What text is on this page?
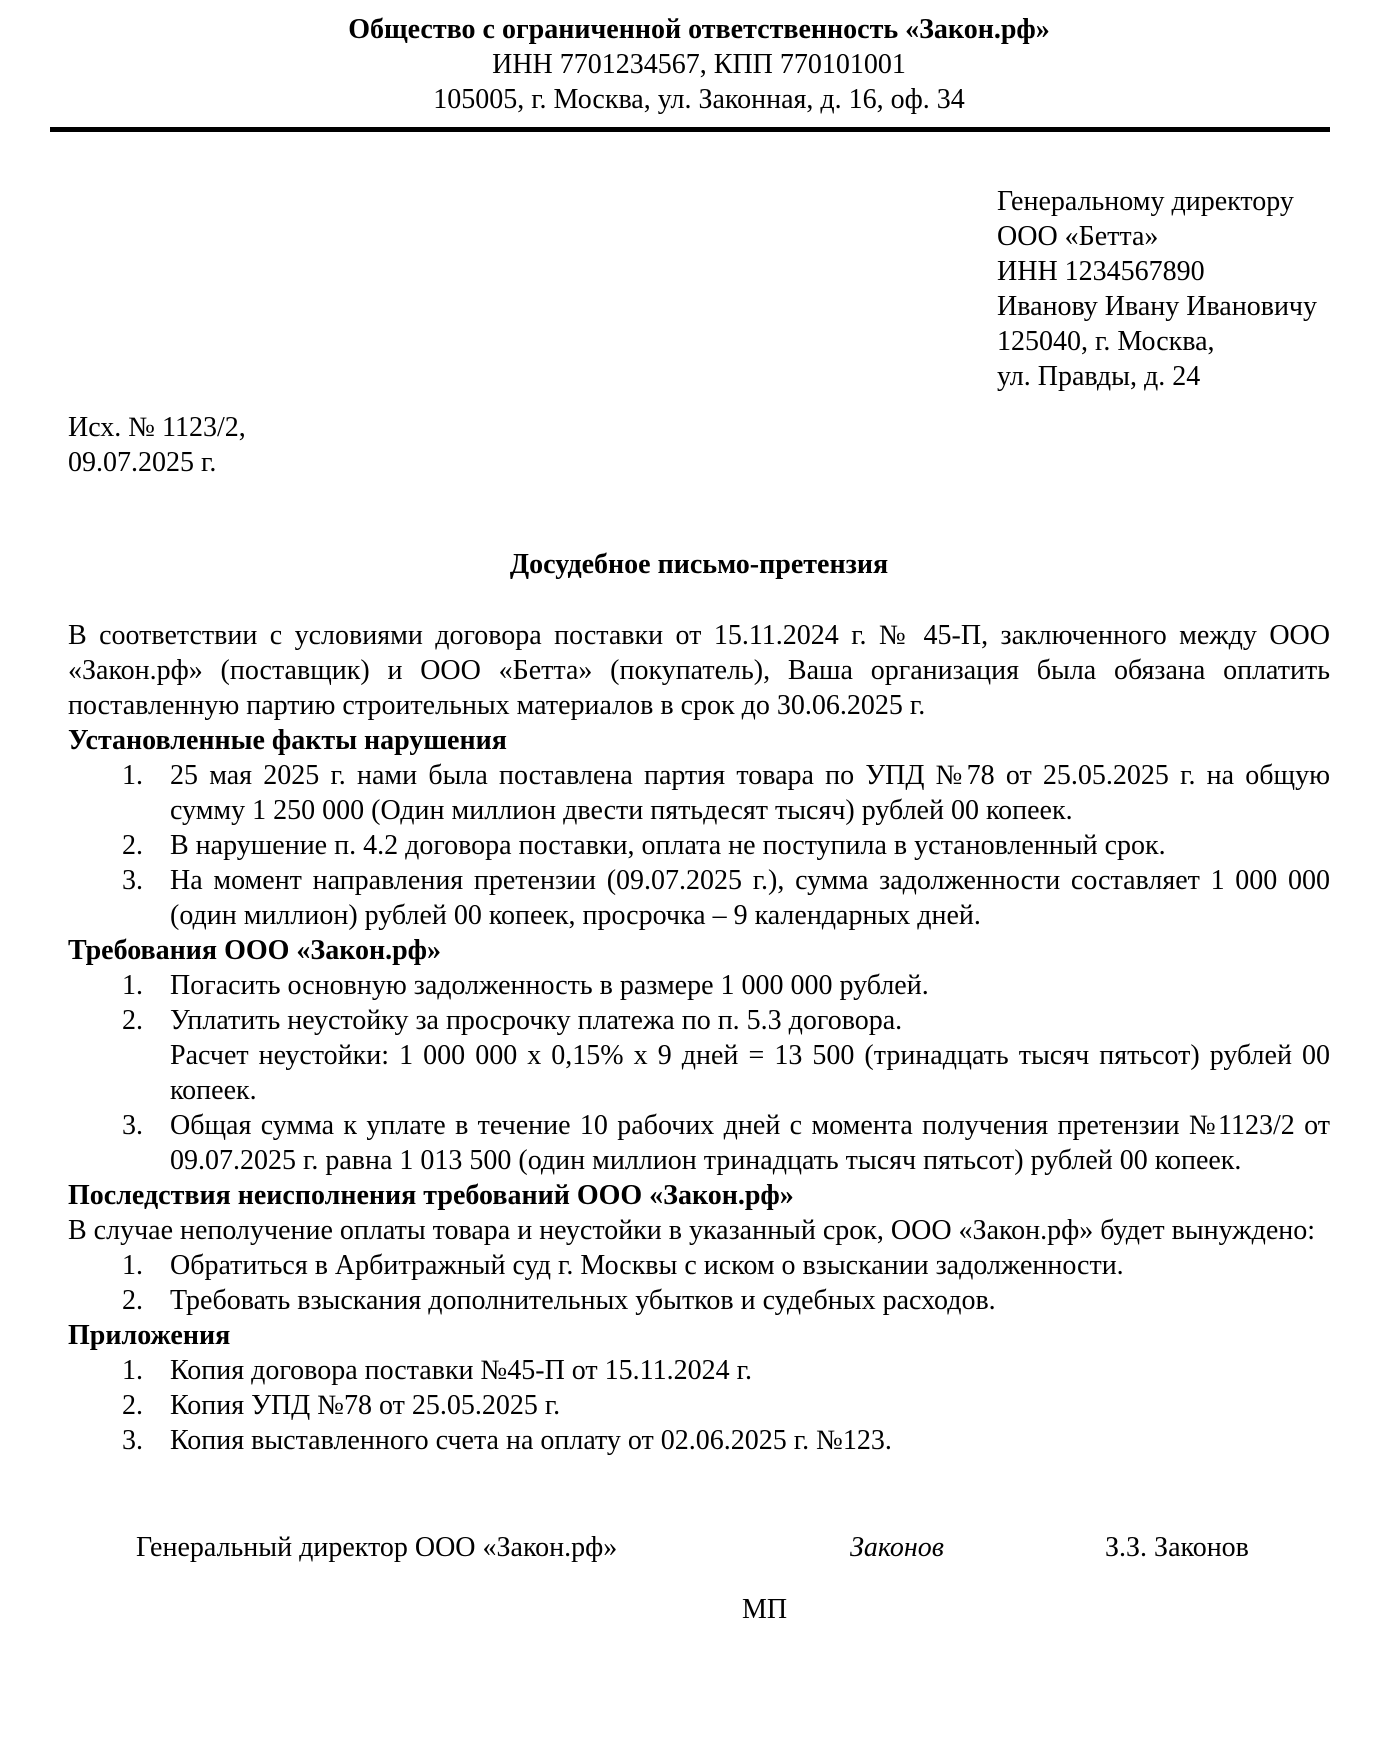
Общество с ограниченной ответственность «Закон.рф»
ИНН 7701234567, КПП 770101001
105005, г. Москва, ул. Законная, д. 16, оф. 34
Генеральному директору
ООО «Бетта»
ИНН 1234567890
Иванову Ивану Ивановичу
125040, г. Москва,
ул. Правды, д. 24
Исх. № 1123/2,
09.07.2025 г.
Досудебное письмо-претензия

В соответствии с условиями договора поставки от 15.11.2024 г. № 45-П, заключенного между ООО «Закон.рф» (поставщик) и ООО «Бетта» (покупатель), Ваша организация была обязана оплатить поставленную партию строительных материалов в срок до 30.06.2025 г.

Установленные факты нарушения
1. 25 мая 2025 г. нами была поставлена партия товара по УПД №78 от 25.05.2025 г. на общую сумму 1 250 000 (Один миллион двести пятьдесят тысяч) рублей 00 копеек.
2. В нарушение п. 4.2 договора поставки, оплата не поступила в установленный срок.
3. На момент направления претензии (09.07.2025 г.), сумма задолженности составляет 1 000 000 (один миллион) рублей 00 копеек, просрочка – 9 календарных дней.
Требования ООО «Закон.рф»
1. Погасить основную задолженность в размере 1 000 000 рублей.
2. Уплатить неустойку за просрочку платежа по п. 5.3 договора.
Расчет неустойки: 1 000 000 х 0,15% х 9 дней = 13 500 (тринадцать тысяч пятьсот) рублей 00 копеек.
3. Общая сумма к уплате в течение 10 рабочих дней с момента получения претензии №1123/2 от 09.07.2025 г. равна 1 013 500 (один миллион тринадцать тысяч пятьсот) рублей 00 копеек.
Последствия неисполнения требований ООО «Закон.рф»

В случае неполучение оплаты товара и неустойки в указанный срок, ООО «Закон.рф» будет вынуждено:

1. Обратиться в Арбитражный суд г. Москвы с иском о взыскании задолженности.
2. Требовать взыскания дополнительных убытков и судебных расходов.
Приложения
1. Копия договора поставки №45-П от 15.11.2024 г.
2. Копия УПД №78 от 25.05.2025 г.
3. Копия выставленного счета на оплату от 02.06.2025 г. №123.
Генеральный директор ООО «Закон.рф»	Законов	З.З. Законов
МП
